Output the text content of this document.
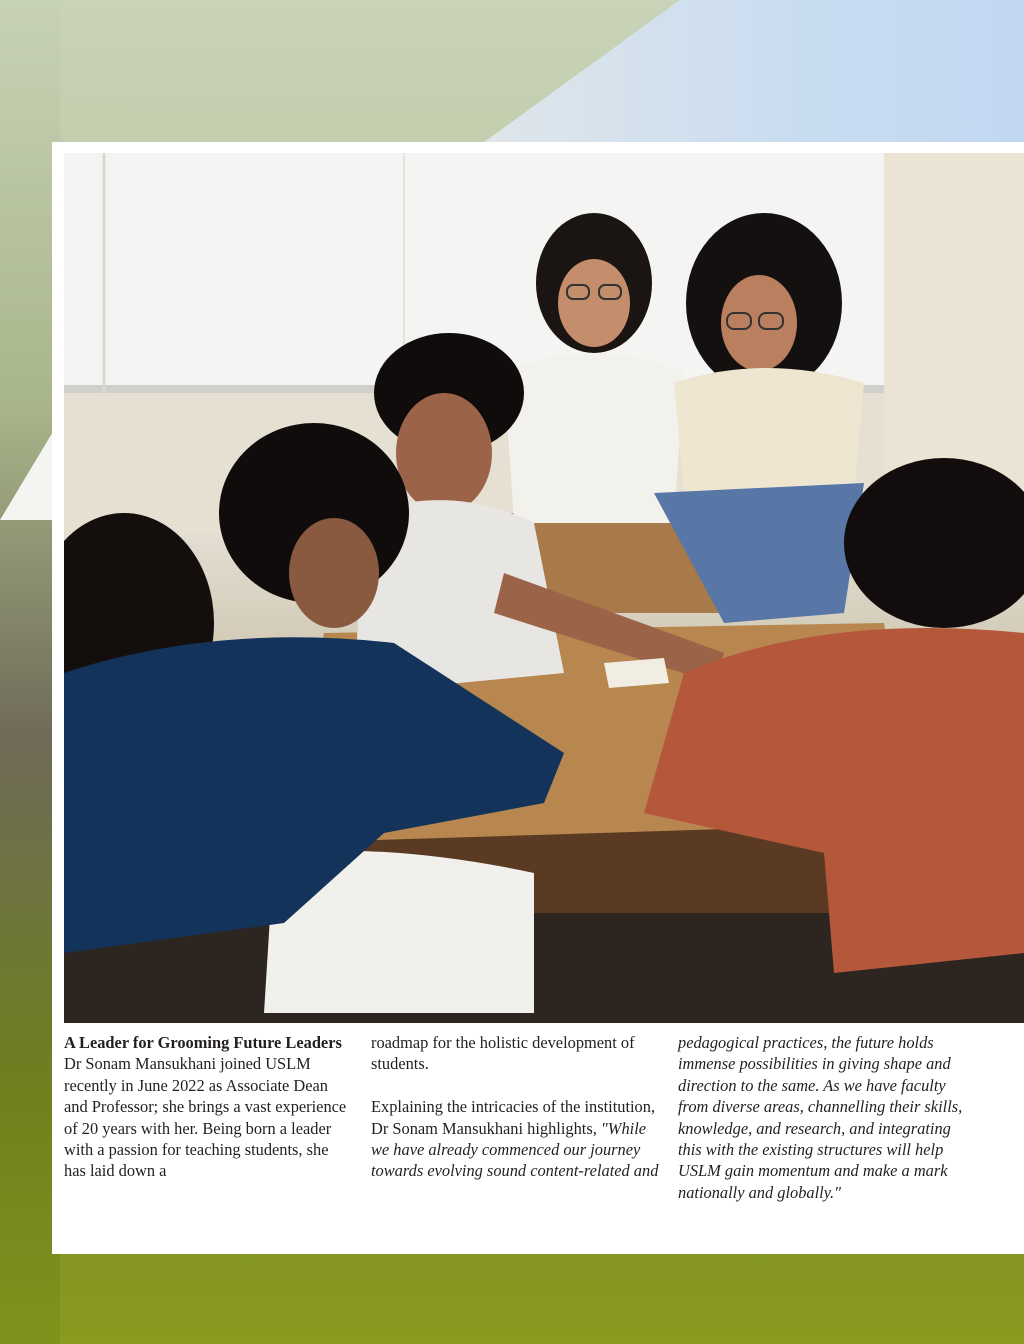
A Leader for Grooming Future Leaders

Dr Sonam Mansukhani joined USLM recently in June 2022 as Associate Dean and Professor; she brings a vast experience of 20 years with her. Being born a leader with a passion for teaching students, she has laid down a

roadmap for the holistic development of students.

Explaining the intricacies of the institution, Dr Sonam Mansukhani highlights, "While we have already commenced our journey towards evolving sound content-related and

pedagogical practices, the future holds immense possibilities in giving shape and direction to the same. As we have faculty from diverse areas, channelling their skills, knowledge, and research, and integrating this with the existing structures will help USLM gain momentum and make a mark nationally and globally."
